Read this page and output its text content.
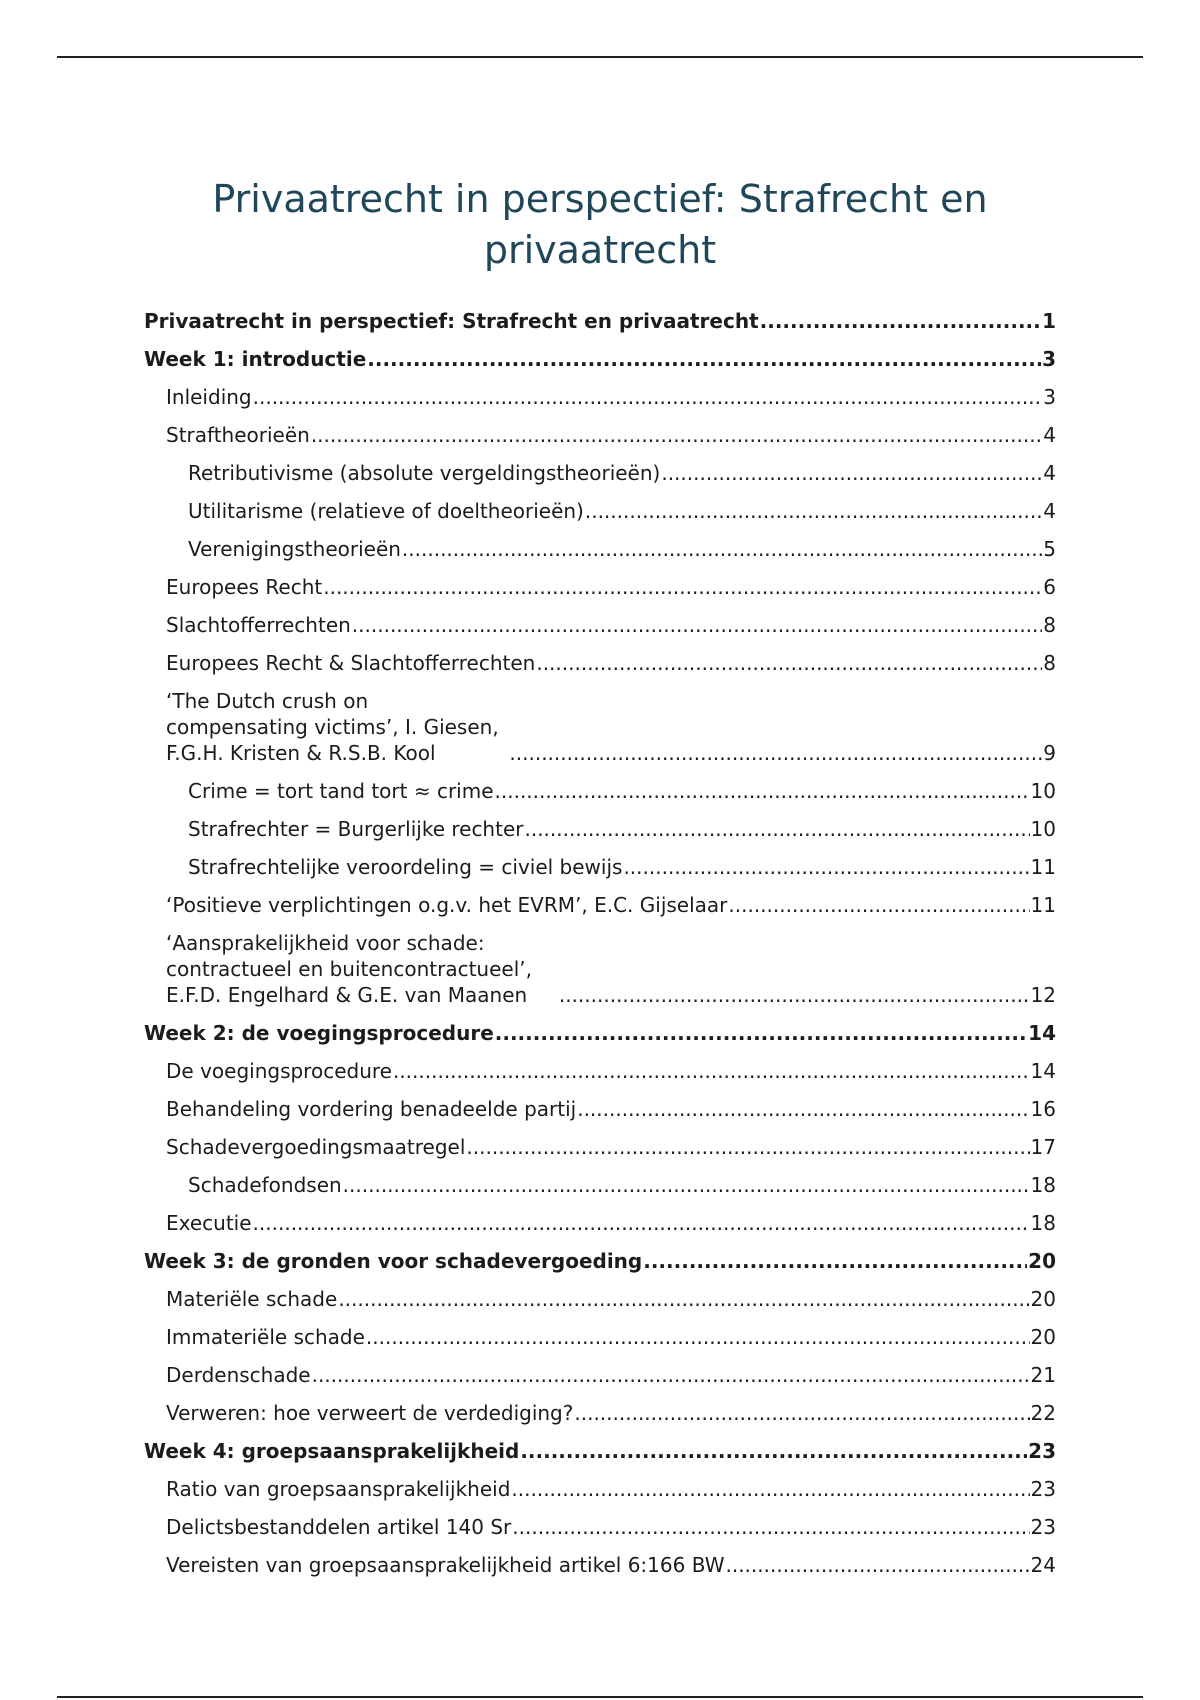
Privaatrecht in perspectief: Strafrecht en privaatrecht
Privaatrecht in perspectief: Strafrecht en privaatrecht .....	1
Week 1: introductie .....	3
Inleiding .....	3
Straftheorieën .....	4
Retributivisme (absolute vergeldingstheorieën) .....	4
Utilitarisme (relatieve of doeltheorieën) .....	4
Verenigingstheorieën .....	5
Europees Recht .....	6
Slachtofferrechten .....	8
Europees Recht & Slachtofferrechten .....	8
‘The Dutch crush on compensating victims’, I. Giesen, F.G.H. Kristen & R.S.B. Kool .....	9
Crime = tort tand tort ≈ crime .....	10
Strafrechter = Burgerlijke rechter .....	10
Strafrechtelijke veroordeling = civiel bewijs .....	11
‘Positieve verplichtingen o.g.v. het EVRM’, E.C. Gijselaar .....	11
‘Aansprakelijkheid voor schade: contractueel en buitencontractueel’, E.F.D. Engelhard & G.E. van Maanen .....	12
Week 2: de voegingsprocedure .....	14
De voegingsprocedure .....	14
Behandeling vordering benadeelde partij .....	16
Schadevergoedingsmaatregel .....	17
Schadefondsen .....	18
Executie .....	18
Week 3: de gronden voor schadevergoeding .....	20
Materiële schade .....	20
Immateriële schade .....	20
Derdenschade .....	21
Verweren: hoe verweert de verdediging? .....	22
Week 4: groepsaansprakelijkheid .....	23
Ratio van groepsaansprakelijkheid .....	23
Delictsbestanddelen artikel 140 Sr .....	23
Vereisten van groepsaansprakelijkheid artikel 6:166 BW .....	24
